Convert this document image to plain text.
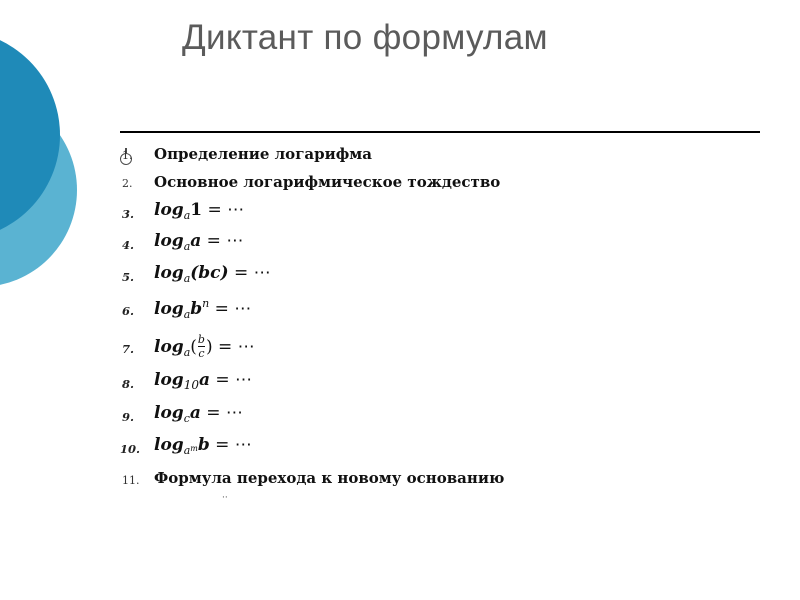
Диктант по формулам
1.	Определение логарифма
2.	Основное логарифмическое тождество
3.	$\log_a1$ = ⋯
4.	$\log_aa$ = ⋯
5.	$\log_a(bc)$ = ⋯
6.	$\log_ab^n$ = ⋯
7.	$\log_a( \frac{b}{c}$ ) = ⋯
8.	$\log_{10}a$ = ⋯
9.	$\log_ca$ = ⋯
10. $\log_{a^m}b$ = ⋯
11. Формула перехода к новому основанию
··
